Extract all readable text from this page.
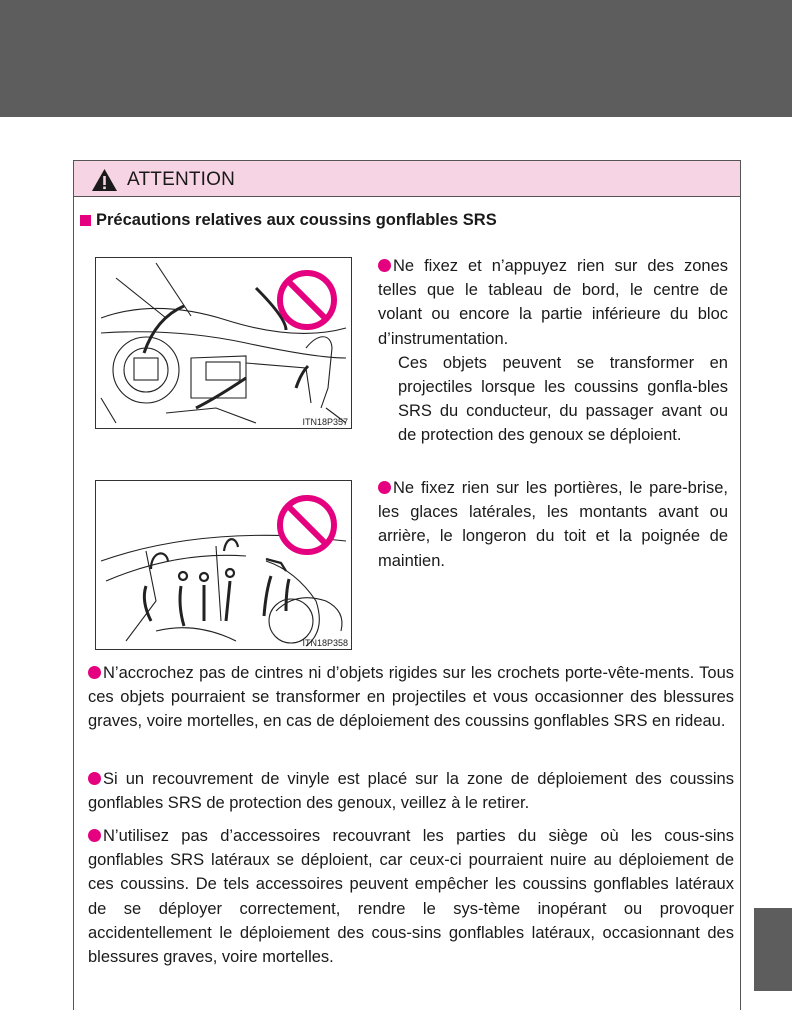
ATTENTION
Précautions relatives aux coussins gonflables SRS
ITN18P357
ITN18P358
Ne fixez et n’appuyez rien sur des zones telles que le tableau de bord, le centre de volant ou encore la partie inférieure du bloc d’instrumentation.
Ces objets peuvent se transformer en projectiles lorsque les coussins gonfla-bles SRS du conducteur, du passager avant ou de protection des genoux se déploient.
Ne fixez rien sur les portières, le pare-brise, les glaces latérales, les montants avant ou arrière, le longeron du toit et la poignée de maintien.
N’accrochez pas de cintres ni d’objets rigides sur les crochets porte-vête-ments. Tous ces objets pourraient se transformer en projectiles et vous occasionner des blessures graves, voire mortelles, en cas de déploiement des coussins gonflables SRS en rideau.
Si un recouvrement de vinyle est placé sur la zone de déploiement des coussins gonflables SRS de protection des genoux, veillez à le retirer.
N’utilisez pas d’accessoires recouvrant les parties du siège où les cous-sins gonflables SRS latéraux se déploient, car ceux-ci pourraient nuire au déploiement de ces coussins. De tels accessoires peuvent empêcher les coussins gonflables latéraux de se déployer correctement, rendre le sys-tème inopérant ou provoquer accidentellement le déploiement des cous-sins gonflables latéraux, occasionnant des blessures graves, voire mortelles.
